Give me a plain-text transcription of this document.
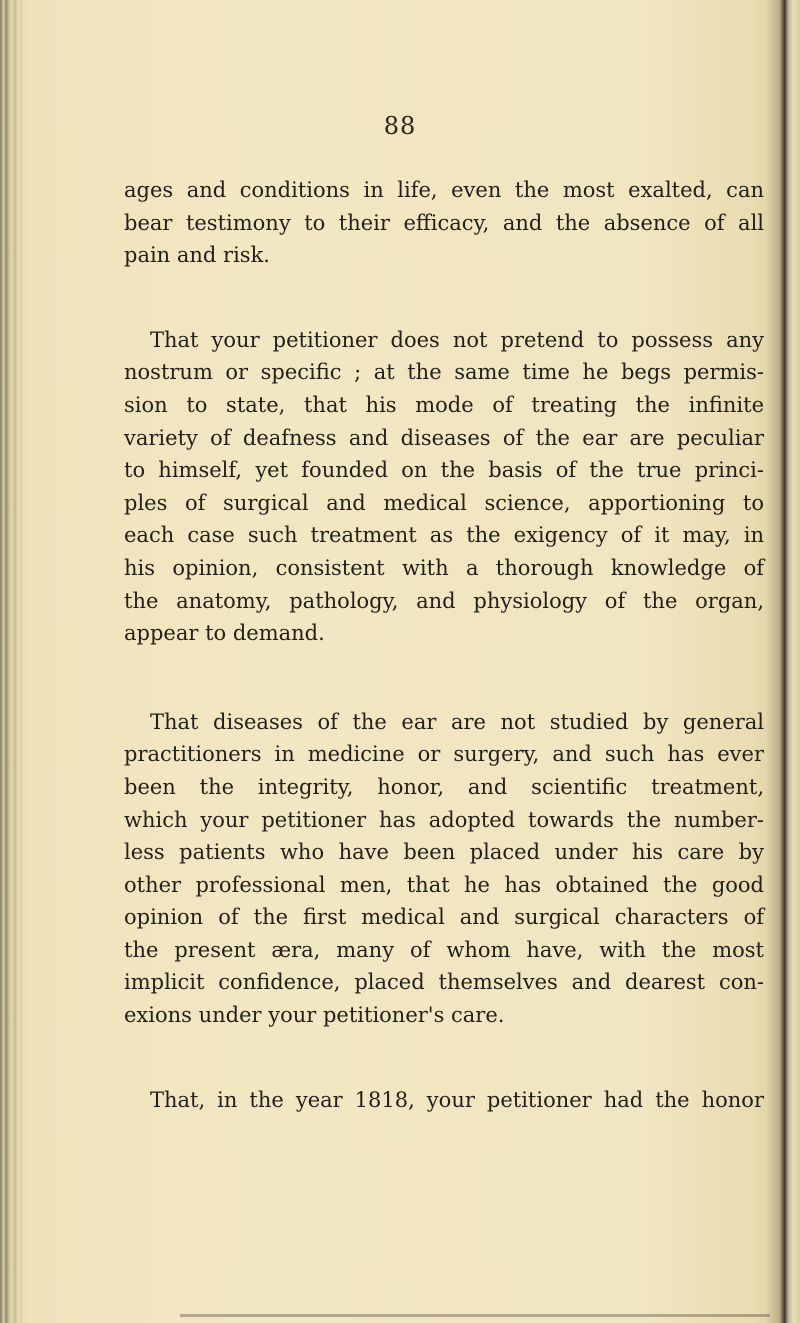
88

ages and conditions in life, even the most exalted, can
bear testimony to their efficacy, and the absence of all
pain and risk.

That your petitioner does not pretend to possess any
nostrum or specific ; at the same time he begs permis-
sion to state, that his mode of treating the infinite
variety of deafness and diseases of the ear are peculiar
to himself, yet founded on the basis of the true princi-
ples of surgical and medical science, apportioning to
each case such treatment as the exigency of it may, in
his opinion, consistent with a thorough knowledge of
the anatomy, pathology, and physiology of the organ,
appear to demand.

That diseases of the ear are not studied by general
practitioners in medicine or surgery, and such has ever
been the integrity, honor, and scientific treatment,
which your petitioner has adopted towards the number-
less patients who have been placed under his care by
other professional men, that he has obtained the good
opinion of the first medical and surgical characters of
the present æra, many of whom have, with the most
implicit confidence, placed themselves and dearest con-
exions under your petitioner's care.

That, in the year 1818, your petitioner had the honor
